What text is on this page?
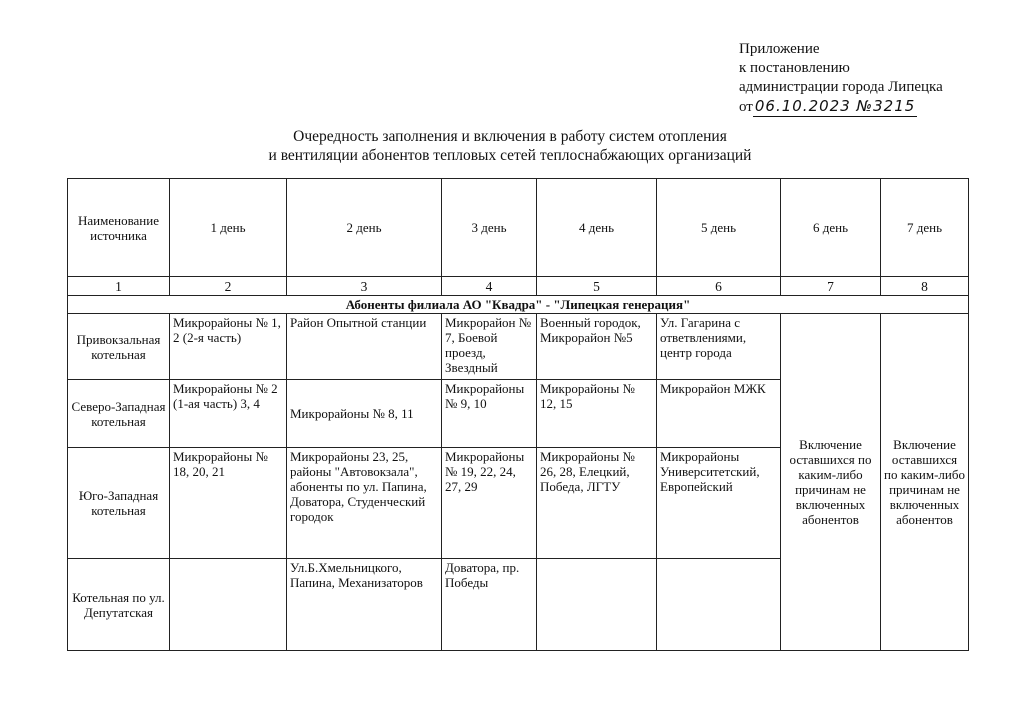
Приложение
к постановлению
администрации города Липецка
от 06.10.2023 №3215
Очередность заполнения и включения в работу систем отопления
и вентиляции абонентов тепловых сетей теплоснабжающих организаций
Наименование источника	1 день	2 день	3 день	4 день	5 день	6 день	7 день
1	2	3	4	5	6	7	8
Абоненты филиала АО "Квадра" - "Липецкая генерация"							
Привокзальная котельная	Микрорайоны № 1, 2 (2-я часть)	Район Опытной станции	Микрорайон № 7, Боевой проезд, Звездный	Военный городок, Микрорайон №5	Ул. Гагарина с ответвлениями, центр города	Включение оставшихся по каким-либо причинам не включенных абонентов	Включение оставшихся по каким-либо причинам не включенных абонентов
Северо-Западная котельная	Микрорайоны № 2 (1-ая часть) 3, 4	Микрорайоны № 8, 11	Микрорайоны № 9, 10	Микрорайоны № 12, 15	Микрорайон МЖК		
Юго-Западная котельная	Микрорайоны № 18, 20, 21	Микрорайоны 23, 25, районы "Автовокзала", абоненты по ул. Папина, Доватора, Студенческий городок	Микрорайоны № 19, 22, 24, 27, 29	Микрорайоны № 26, 28, Елецкий, Победа, ЛГТУ	Микрорайоны Университетский, Европейский		
Котельная по ул. Депутатская		Ул.Б.Хмельницкого, Папина, Механизаторов	Доватора, пр. Победы				
